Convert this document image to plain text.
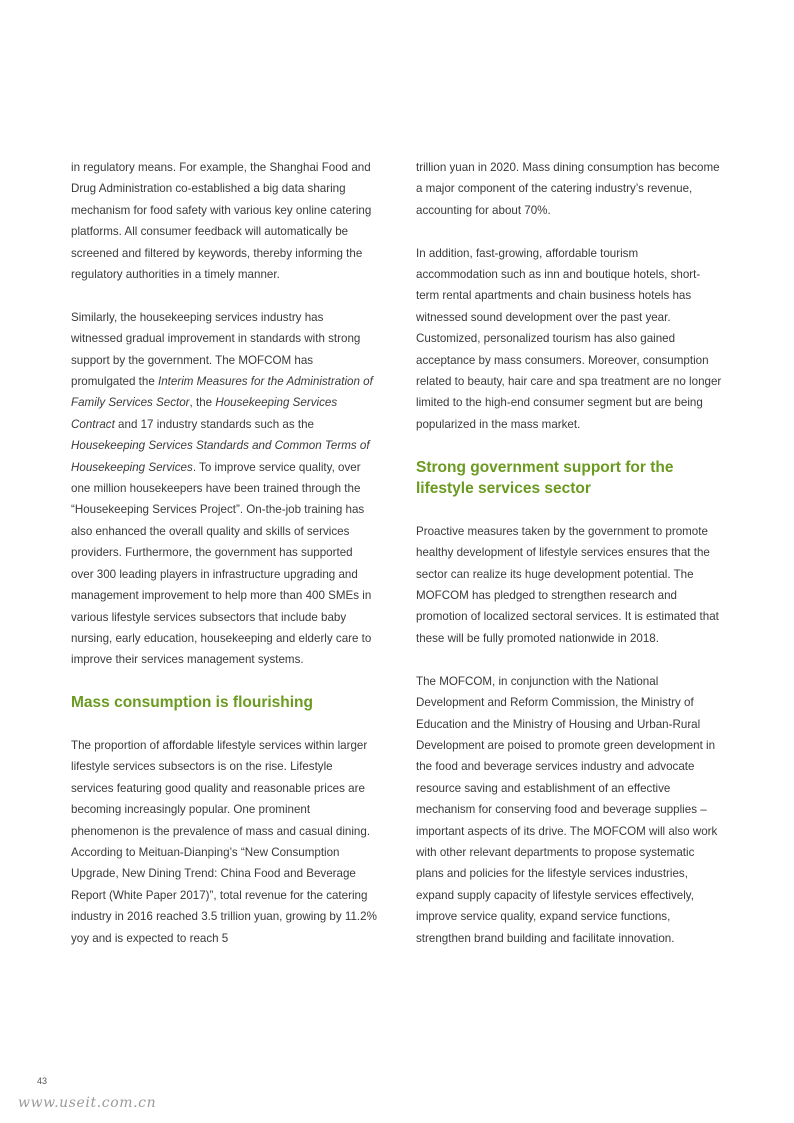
in regulatory means. For example, the Shanghai Food and Drug Administration co-established a big data sharing mechanism for food safety with various key online catering platforms. All consumer feedback will automatically be screened and filtered by keywords, thereby informing the regulatory authorities in a timely manner.

Similarly, the housekeeping services industry has witnessed gradual improvement in standards with strong support by the government. The MOFCOM has promulgated the Interim Measures for the Administration of Family Services Sector, the Housekeeping Services Contract and 17 industry standards such as the Housekeeping Services Standards and Common Terms of Housekeeping Services. To improve service quality, over one million housekeepers have been trained through the “Housekeeping Services Project”. On-the-job training has also enhanced the overall quality and skills of services providers. Furthermore, the government has supported over 300 leading players in infrastructure upgrading and management improvement to help more than 400 SMEs in various lifestyle services subsectors that include baby nursing, early education, housekeeping and elderly care to improve their services management systems.

Mass consumption is flourishing

The proportion of affordable lifestyle services within larger lifestyle services subsectors is on the rise. Lifestyle services featuring good quality and reasonable prices are becoming increasingly popular. One prominent phenomenon is the prevalence of mass and casual dining. According to Meituan-Dianping’s “New Consumption Upgrade, New Dining Trend: China Food and Beverage Report (White Paper 2017)”, total revenue for the catering industry in 2016 reached 3.5 trillion yuan, growing by 11.2% yoy and is expected to reach 5

trillion yuan in 2020. Mass dining consumption has become a major component of the catering industry’s revenue, accounting for about 70%.

In addition, fast-growing, affordable tourism accommodation such as inn and boutique hotels, short-term rental apartments and chain business hotels has witnessed sound development over the past year. Customized, personalized tourism has also gained acceptance by mass consumers. Moreover, consumption related to beauty, hair care and spa treatment are no longer limited to the high-end consumer segment but are being popularized in the mass market.

Strong government support for the lifestyle services sector

Proactive measures taken by the government to promote healthy development of lifestyle services ensures that the sector can realize its huge development potential. The MOFCOM has pledged to strengthen research and promotion of localized sectoral services. It is estimated that these will be fully promoted nationwide in 2018.

The MOFCOM, in conjunction with the National Development and Reform Commission, the Ministry of Education and the Ministry of Housing and Urban-Rural Development are poised to promote green development in the food and beverage services industry and advocate resource saving and establishment of an effective mechanism for conserving food and beverage supplies – important aspects of its drive. The MOFCOM will also work with other relevant departments to propose systematic plans and policies for the lifestyle services industries, expand supply capacity of lifestyle services effectively, improve service quality, expand service functions, strengthen brand building and facilitate innovation.

43
www.useit.com.cn
